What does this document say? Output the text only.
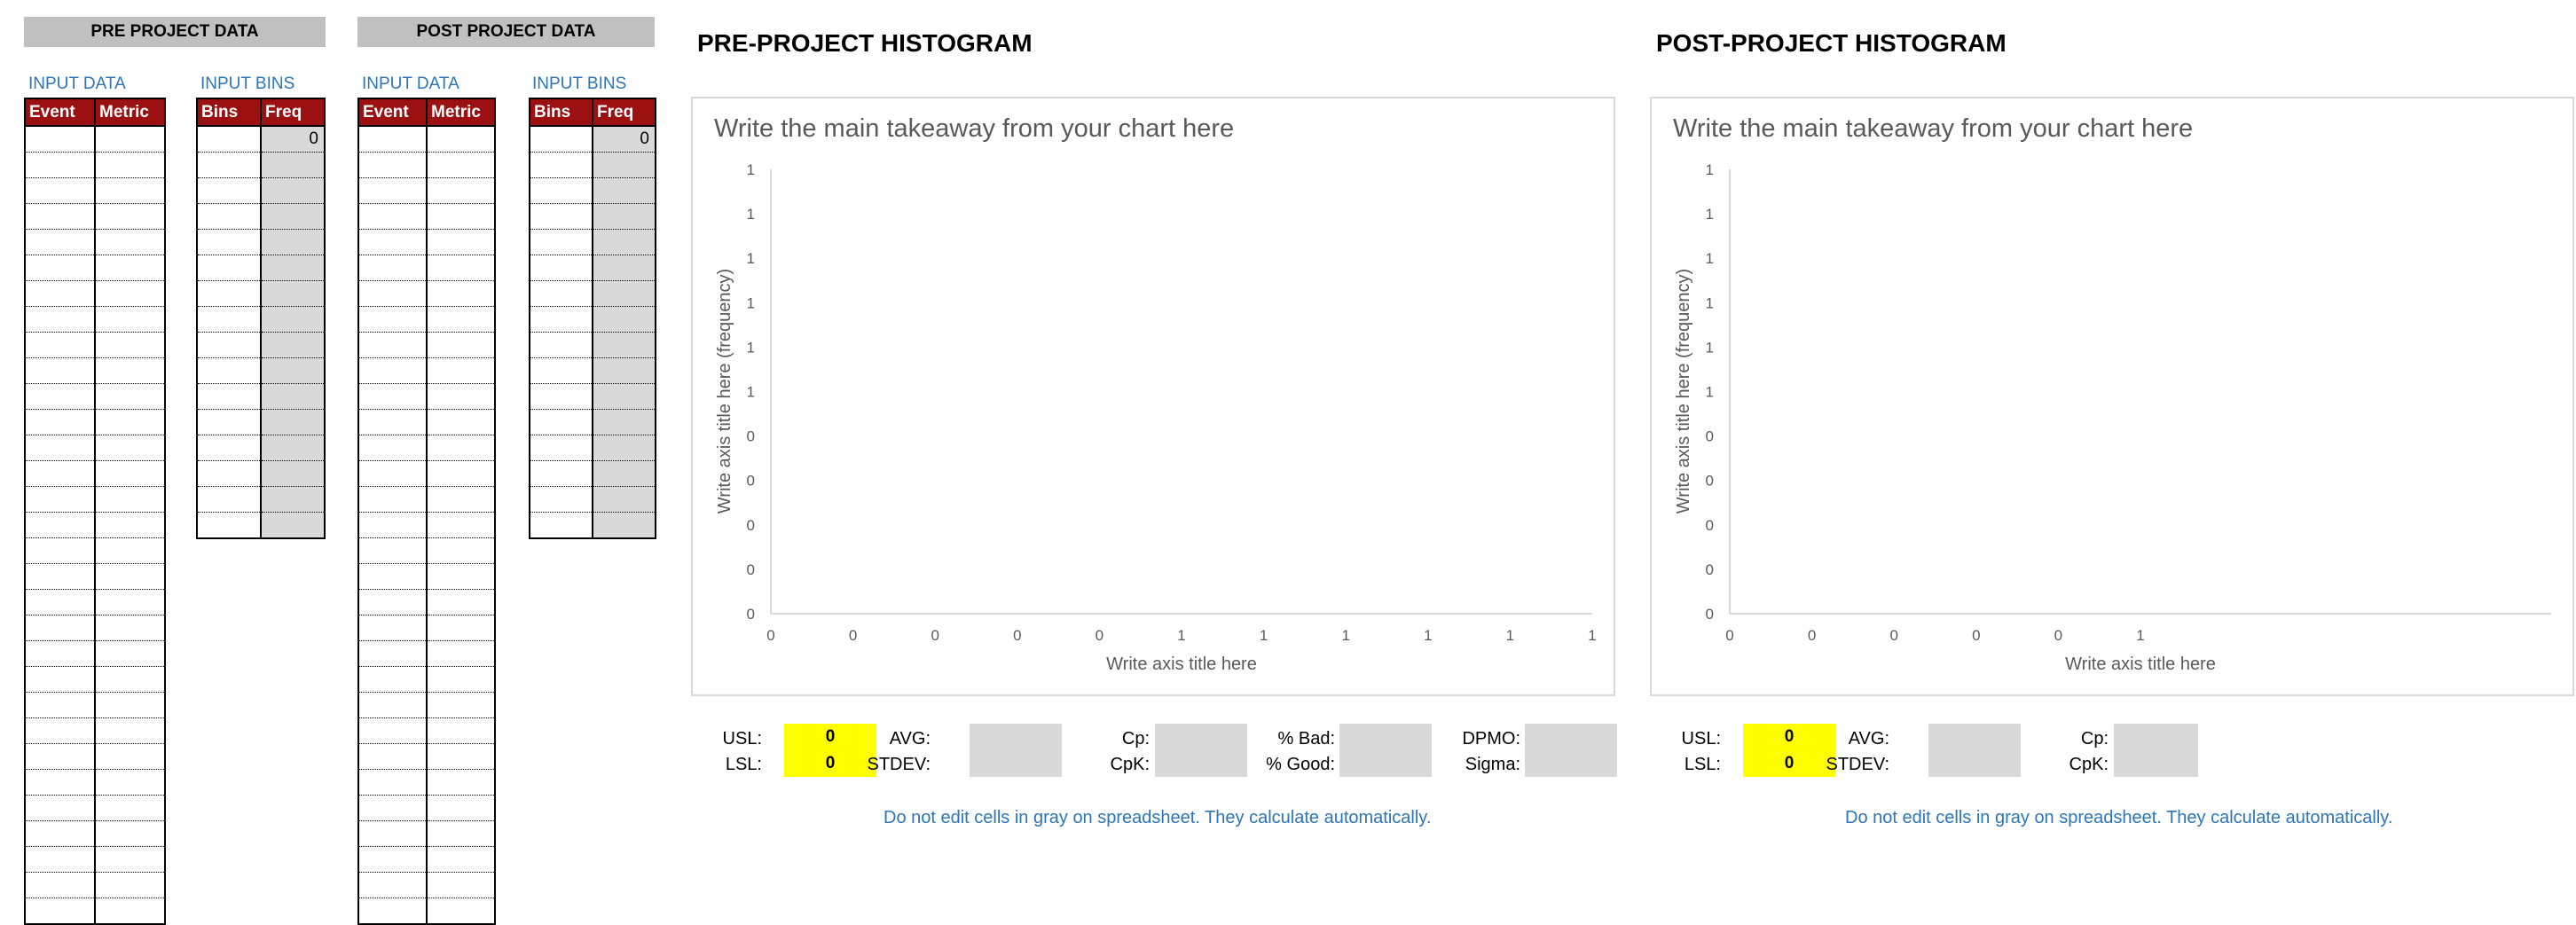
PRE PROJECT DATA
INPUT DATA	INPUT BINS
Event	Metric

		Bins	Freq
	0

POST PROJECT DATA
INPUT DATA	INPUT BINS
Event	Metric

		Bins	Freq
	0

PRE-PROJECT HISTOGRAM
Write the main takeaway from your chart here
0
0
0
0
0
1
1
1
1
1
1
0	0	0	0	0	1	1	1	1	1	1
Write axis title here
Write axis title here (frequency)
USL:	0
LSL:	0
AVG:
STDEV:
Cp:
CpK:
% Bad:
% Good:
DPMO:
Sigma:
Do not edit cells in gray on spreadsheet. They calculate automatically.
POST-PROJECT HISTOGRAM
Write the main takeaway from your chart here
0
0
0
0
0
1
1
1
1
1
1
0	0	0	0	0	1
Write axis title here
Write axis title here (frequency)
USL:	0
LSL:	0
AVG:
STDEV:
Cp:
CpK:
Do not edit cells in gray on spreadsheet. They calculate automatically.
